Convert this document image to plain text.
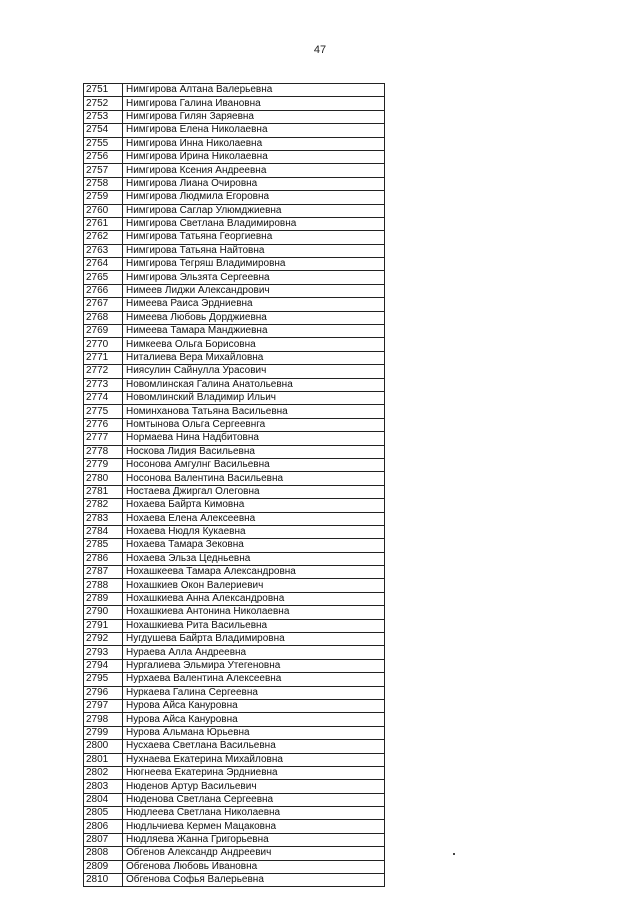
47
2751	Нимгирова Алтана Валерьевна
2752	Нимгирова Галина Ивановна
2753	Нимгирова Гилян Заряевна
2754	Нимгирова Елена Николаевна
2755	Нимгирова Инна Николаевна
2756	Нимгирова Ирина Николаевна
2757	Нимгирова Ксения Андреевна
2758	Нимгирова Лиана Очировна
2759	Нимгирова Людмила Егоровна
2760	Нимгирова Саглар Улюмджиевна
2761	Нимгирова Светлана Владимировна
2762	Нимгирова Татьяна Георгиевна
2763	Нимгирова Татьяна Найтовна
2764	Нимгирова Тегряш Владимировна
2765	Нимгирова Эльзята Сергеевна
2766	Нимеев Лиджи Александрович
2767	Нимеева Раиса Эрдниевна
2768	Нимеева Любовь Дорджиевна
2769	Нимеева Тамара Манджиевна
2770	Нимкеева Ольга Борисовна
2771	Ниталиева Вера Михайловна
2772	Ниясулин Сайнулла Урасович
2773	Новомлинская Галина Анатольевна
2774	Новомлинский Владимир Ильич
2775	Номинханова Татьяна Васильевна
2776	Номтынова Ольга Сергеевнга
2777	Нормаева Нина Надбитовна
2778	Носкова Лидия Васильевна
2779	Носонова Амгулнг Васильевна
2780	Носонова Валентина Васильевна
2781	Ностаева Джиргал Олеговна
2782	Нохаева Байрта Кимовна
2783	Нохаева Елена Алексеевна
2784	Нохаева Нюдля Кукаевна
2785	Нохаева Тамара Зековна
2786	Нохаева Эльза Цедньевна
2787	Нохашкеева Тамара Александровна
2788	Нохашкиев Окон Валериевич
2789	Нохашкиева Анна Александровна
2790	Нохашкиева Антонина Николаевна
2791	Нохашкиева Рита Васильевна
2792	Нугдушева Байрта Владимировна
2793	Нураева Алла Андреевна
2794	Нургалиева Эльмира Утегеновна
2795	Нурхаева Валентина Алексеевна
2796	Нуркаева Галина Сергеевна
2797	Нурова Айса Кануровна
2798	Нурова Айса Кануровна
2799	Нурова Альмана Юрьевна
2800	Нусхаева Светлана Васильевна
2801	Нухнаева Екатерина Михайловна
2802	Нюгнеева Екатерина Эрдниевна
2803	Нюденов Артур Васильевич
2804	Нюденова Светлана Сергеевна
2805	Нюдлеева Светлана Николаевна
2806	Нюдльчиева Кермен Мацаковна
2807	Нюдляева Жанна Григорьевна
2808	Обгенов Александр Андреевич
2809	Обгенова Любовь Ивановна
2810	Обгенова Софья Валерьевна
